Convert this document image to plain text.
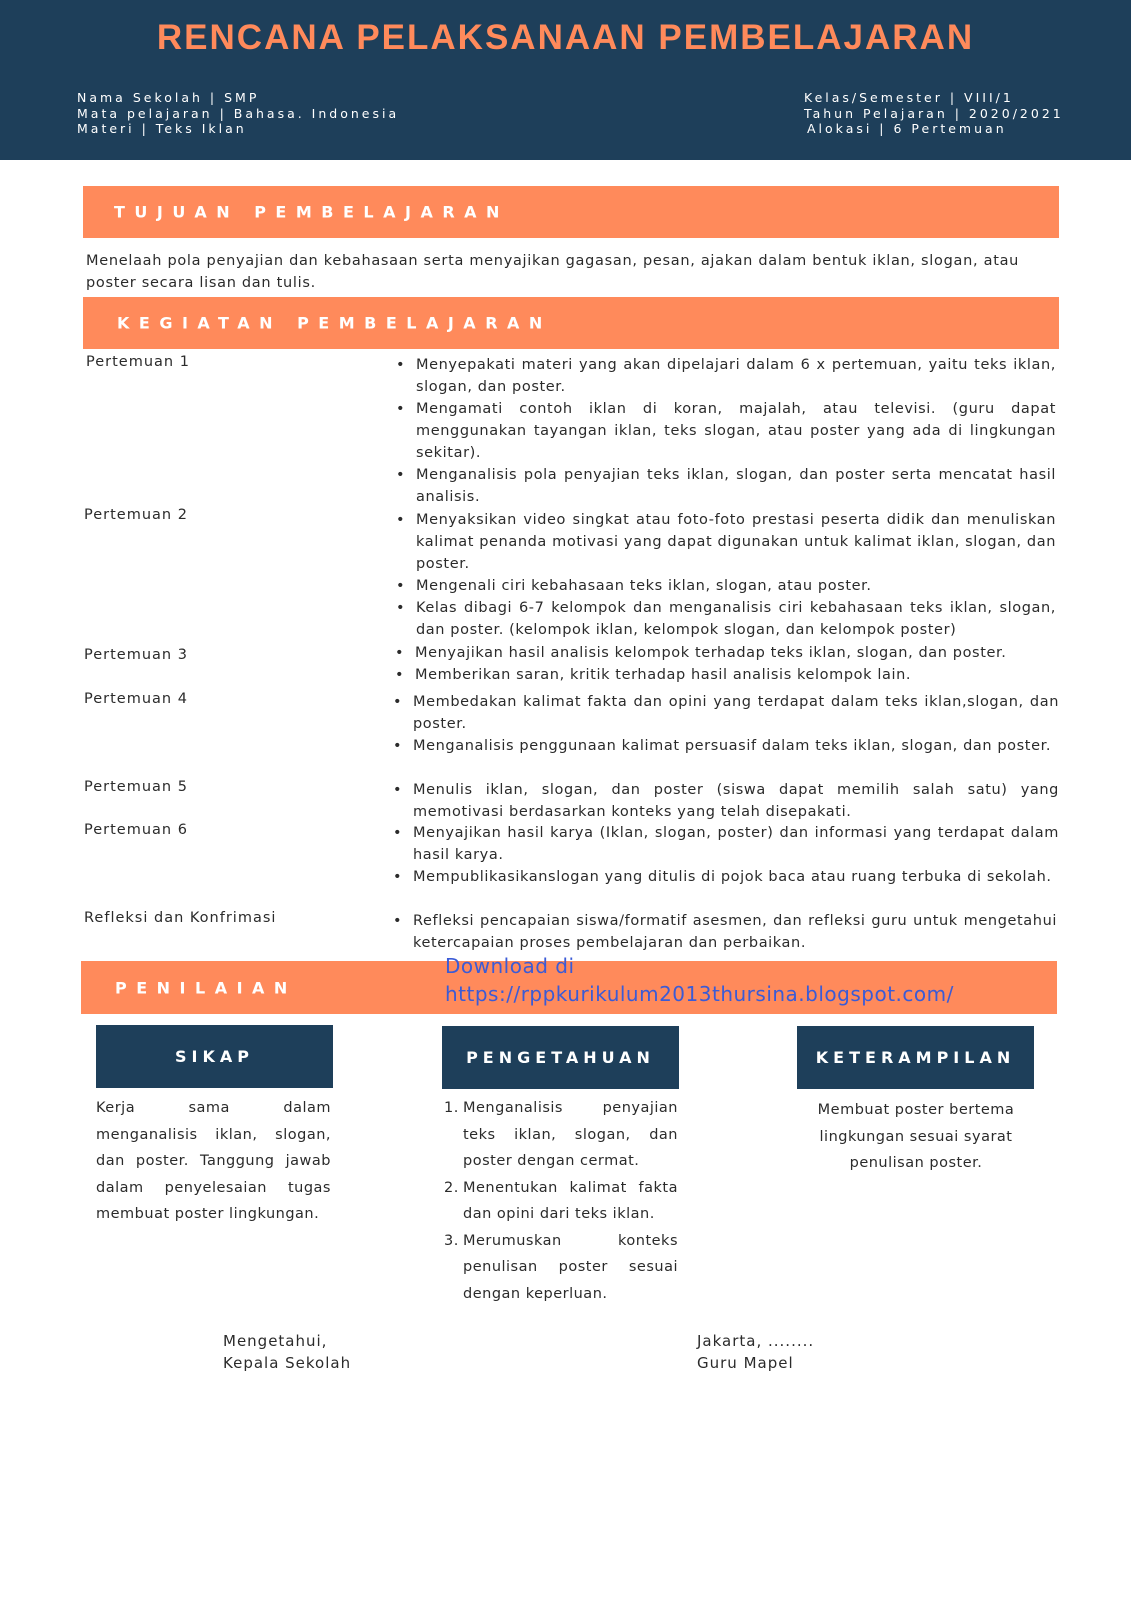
RENCANA PELAKSANAAN PEMBELAJARAN
Nama Sekolah | SMP
Mata pelajaran | Bahasa. Indonesia
Materi | Teks Iklan
Kelas/Semester | VIII/1
Tahun Pelajaran | 2020/2021
Alokasi | 6 Pertemuan
TUJUAN PEMBELAJARAN
Menelaah pola penyajian dan kebahasaan serta menyajikan gagasan, pesan, ajakan dalam bentuk iklan, slogan, atau poster secara lisan dan tulis.
KEGIATAN PEMBELAJARAN
Pertemuan 1	• Menyepakati materi yang akan dipelajari dalam 6 x pertemuan, yaitu teks iklan, slogan, dan poster.
• Mengamati contoh iklan di koran, majalah, atau televisi. (guru dapat menggunakan tayangan iklan, teks slogan, atau poster yang ada di lingkungan sekitar).
• Menganalisis pola penyajian teks iklan, slogan, dan poster serta mencatat hasil analisis.
Pertemuan 2	• Menyaksikan video singkat atau foto-foto prestasi peserta didik dan menuliskan kalimat penanda motivasi yang dapat digunakan untuk kalimat iklan, slogan, dan poster.
• Mengenali ciri kebahasaan teks iklan, slogan, atau poster.
• Kelas dibagi 6-7 kelompok dan menganalisis ciri kebahasaan teks iklan, slogan, dan poster. (kelompok iklan, kelompok slogan, dan kelompok poster)
Pertemuan 3	• Menyajikan hasil analisis kelompok terhadap teks iklan, slogan, dan poster.
• Memberikan saran, kritik terhadap hasil analisis kelompok lain.
Pertemuan 4	• Membedakan kalimat fakta dan opini yang terdapat dalam teks iklan,slogan, dan poster.
• Menganalisis penggunaan kalimat persuasif dalam teks iklan, slogan, dan poster.
Pertemuan 5	• Menulis iklan, slogan, dan poster (siswa dapat memilih salah satu) yang memotivasi berdasarkan konteks yang telah disepakati.
Pertemuan 6	• Menyajikan hasil karya (Iklan, slogan, poster) dan informasi yang terdapat dalam hasil karya.
• Mempublikasikanslogan yang ditulis di pojok baca atau ruang terbuka di sekolah.
Refleksi dan Konfrimasi	• Refleksi pencapaian siswa/formatif asesmen, dan refleksi guru untuk mengetahui ketercapaian proses pembelajaran dan perbaikan.
PENILAIAN
Download di
https://rppkurikulum2013thursina.blogspot.com/
SIKAP
Kerja sama dalam menganalisis iklan, slogan, dan poster. Tanggung jawab dalam penyelesaian tugas membuat poster lingkungan.
PENGETAHUAN
1. Menganalisis penyajian teks iklan, slogan, dan poster dengan cermat.
2. Menentukan kalimat fakta dan opini dari teks iklan.
3. Merumuskan konteks penulisan poster sesuai dengan keperluan.
KETERAMPILAN
Membuat poster bertema lingkungan sesuai syarat penulisan poster.
Mengetahui,
Kepala Sekolah
Jakarta, ........
Guru Mapel
